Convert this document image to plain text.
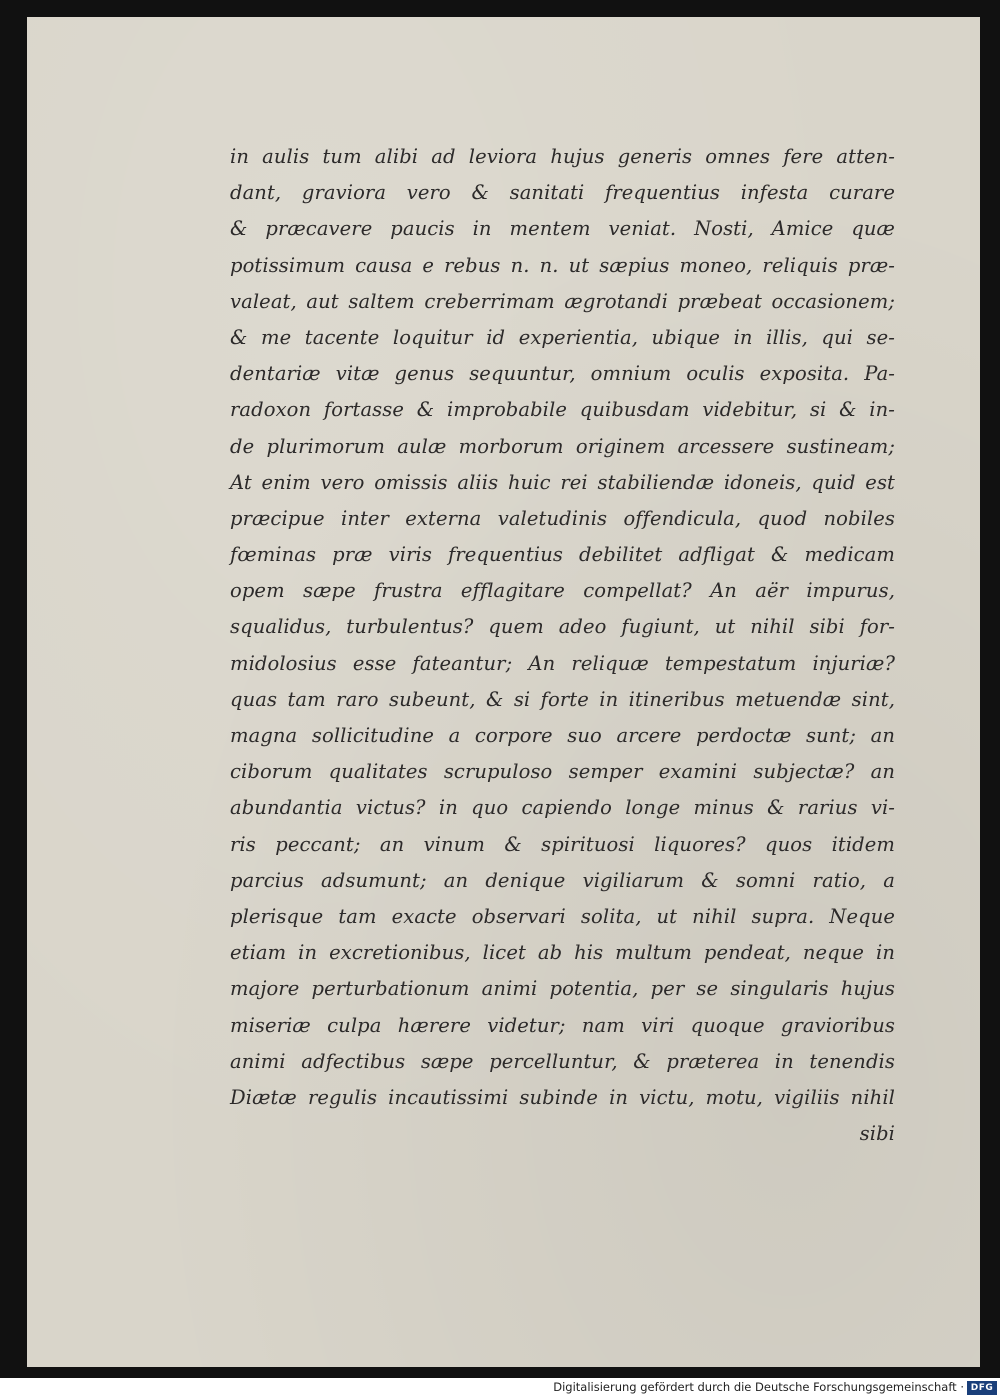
in aulis tum alibi ad leviora hujus generis omnes fere atten-
dant, graviora vero & sanitati frequentius infesta curare
& præcavere paucis in mentem veniat. Nosti, Amice quæ
potissimum causa e rebus n. n. ut sæpius moneo, reliquis præ-
valeat, aut saltem creberrimam ægrotandi præbeat occasionem;
& me tacente loquitur id experientia, ubique in illis, qui se-
dentariæ vitæ genus sequuntur, omnium oculis exposita. Pa-
radoxon fortasse & improbabile quibusdam videbitur, si & in-
de plurimorum aulæ morborum originem arcessere sustineam;
At enim vero omissis aliis huic rei stabiliendæ idoneis, quid est
præcipue inter externa valetudinis offendicula, quod nobiles
fœminas præ viris frequentius debilitet adfligat & medicam
opem sæpe frustra efflagitare compellat? An aër impurus,
squalidus, turbulentus? quem adeo fugiunt, ut nihil sibi for-
midolosius esse fateantur; An reliquæ tempestatum injuriæ?
quas tam raro subeunt, & si forte in itineribus metuendæ sint,
magna sollicitudine a corpore suo arcere perdoctæ sunt; an
ciborum qualitates scrupuloso semper examini subjectæ? an
abundantia victus? in quo capiendo longe minus & rarius vi-
ris peccant; an vinum & spirituosi liquores? quos itidem
parcius adsumunt; an denique vigiliarum & somni ratio, a
plerisque tam exacte observari solita, ut nihil supra. Neque
etiam in excretionibus, licet ab his multum pendeat, neque in
majore perturbationum animi potentia, per se singularis hujus
miseriæ culpa hærere videtur; nam viri quoque gravioribus
animi adfectibus sæpe percelluntur, & præterea in tenendis
Diætæ regulis incautissimi subinde in victu, motu, vigiliis nihil
sibi
Digitalisierung gefördert durch die Deutsche Forschungsgemeinschaft · DFG
